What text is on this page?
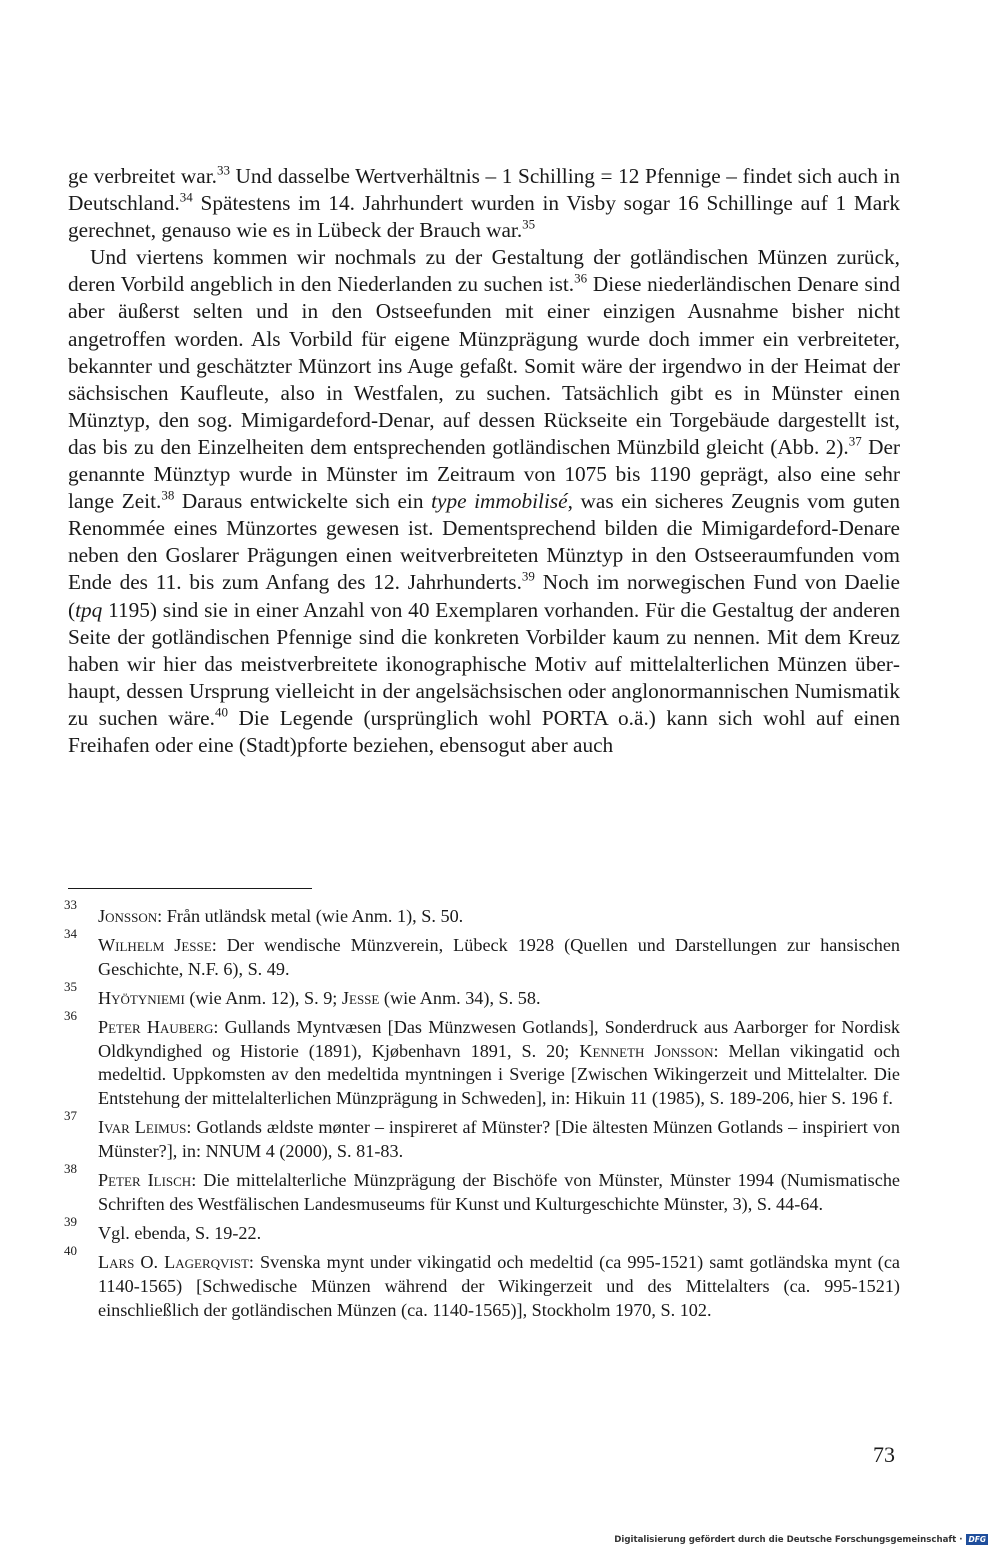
ge verbreitet war.$^{33}$ Und dasselbe Wertverhältnis – 1 Schilling = 12 Pfennige – findet sich auch in Deutschland.$^{34}$ Spätestens im 14. Jahrhundert wurden in Visby sogar 16 Schillinge auf 1 Mark gerechnet, genauso wie es in Lübeck der Brauch war.$^{35}$

Und viertens kommen wir nochmals zu der Gestaltung der gotländischen Münzen zurück, deren Vorbild angeblich in den Niederlanden zu suchen ist.$^{36}$ Diese niederländischen Denare sind aber äußerst selten und in den Ostseefunden mit einer einzigen Ausnahme bisher nicht angetroffen worden. Als Vorbild für eigene Münzprägung wurde doch immer ein verbreiteter, bekannter und geschätzter Münzort ins Auge gefaßt. Somit wäre der irgendwo in der Heimat der sächsischen Kaufleute, also in Westfalen, zu suchen. Tatsächlich gibt es in Münster einen Münztyp, den sog. Mimigardeford-Denar, auf dessen Rückseite ein Torgebäude dargestellt ist, das bis zu den Einzelheiten dem entsprechenden gotländischen Münzbild gleicht (Abb. 2).$^{37}$ Der genannte Münztyp wurde in Münster im Zeitraum von 1075 bis 1190 geprägt, also eine sehr lange Zeit.$^{38}$ Daraus entwickelte sich ein type immobilisé, was ein sicheres Zeugnis vom guten Renommée eines Münzortes gewesen ist. Dementsprechend bilden die Mimigardeford-Denare neben den Goslarer Prägungen einen weitverbreiteten Münztyp in den Ostseeraumfunden vom Ende des 11. bis zum Anfang des 12. Jahrhunderts.$^{39}$ Noch im norwegischen Fund von Daelie (tpq 1195) sind sie in einer Anzahl von 40 Exemplaren vorhanden. Für die Gestaltug der anderen Seite der gotländischen Pfennige sind die konkreten Vorbilder kaum zu nennen. Mit dem Kreuz haben wir hier das meistverbreitete ikonographische Motiv auf mittelalterlichen Münzen überhaupt, dessen Ursprung vielleicht in der angelsächsischen oder anglonormannischen Numismatik zu suchen wäre.$^{40}$ Die Legende (ursprünglich wohl PORTA o.ä.) kann sich wohl auf einen Freihafen oder eine (Stadt)pforte beziehen, ebensogut aber auch

33
Jonsson: Från utländsk metal (wie Anm. 1), S. 50.
34
Wilhelm Jesse: Der wendische Münzverein, Lübeck 1928 (Quellen und Darstellungen zur hansischen Geschichte, N.F. 6), S. 49.
35
Hyötyniemi (wie Anm. 12), S. 9; Jesse (wie Anm. 34), S. 58.
36
Peter Hauberg: Gullands Myntvæsen [Das Münzwesen Gotlands], Sonderdruck aus Aarborger for Nordisk Oldkyndighed og Historie (1891), Kjøbenhavn 1891, S. 20; Kenneth Jonsson: Mellan vikingatid och medeltid. Uppkomsten av den medeltida myntningen i Sverige [Zwischen Wikingerzeit und Mittelalter. Die Entstehung der mittelalterlichen Münzprägung in Schweden], in: Hikuin 11 (1985), S. 189-206, hier S. 196 f.
37
Ivar Leimus: Gotlands ældste mønter – inspireret af Münster? [Die ältesten Münzen Gotlands – inspiriert von Münster?], in: NNUM 4 (2000), S. 81-83.
38
Peter Ilisch: Die mittelalterliche Münzprägung der Bischöfe von Münster, Münster 1994 (Numismatische Schriften des Westfälischen Landesmuseums für Kunst und Kulturgeschichte Münster, 3), S. 44-64.
39
Vgl. ebenda, S. 19-22.
40
Lars O. Lagerqvist: Svenska mynt under vikingatid och medeltid (ca 995-1521) samt gotländska mynt (ca 1140-1565) [Schwedische Münzen während der Wikingerzeit und des Mittelalters (ca. 995-1521) einschließlich der gotländischen Münzen (ca. 1140-1565)], Stockholm 1970, S. 102.
73
Digitalisierung gefördert durch die Deutsche Forschungsgemeinschaft · DFG
